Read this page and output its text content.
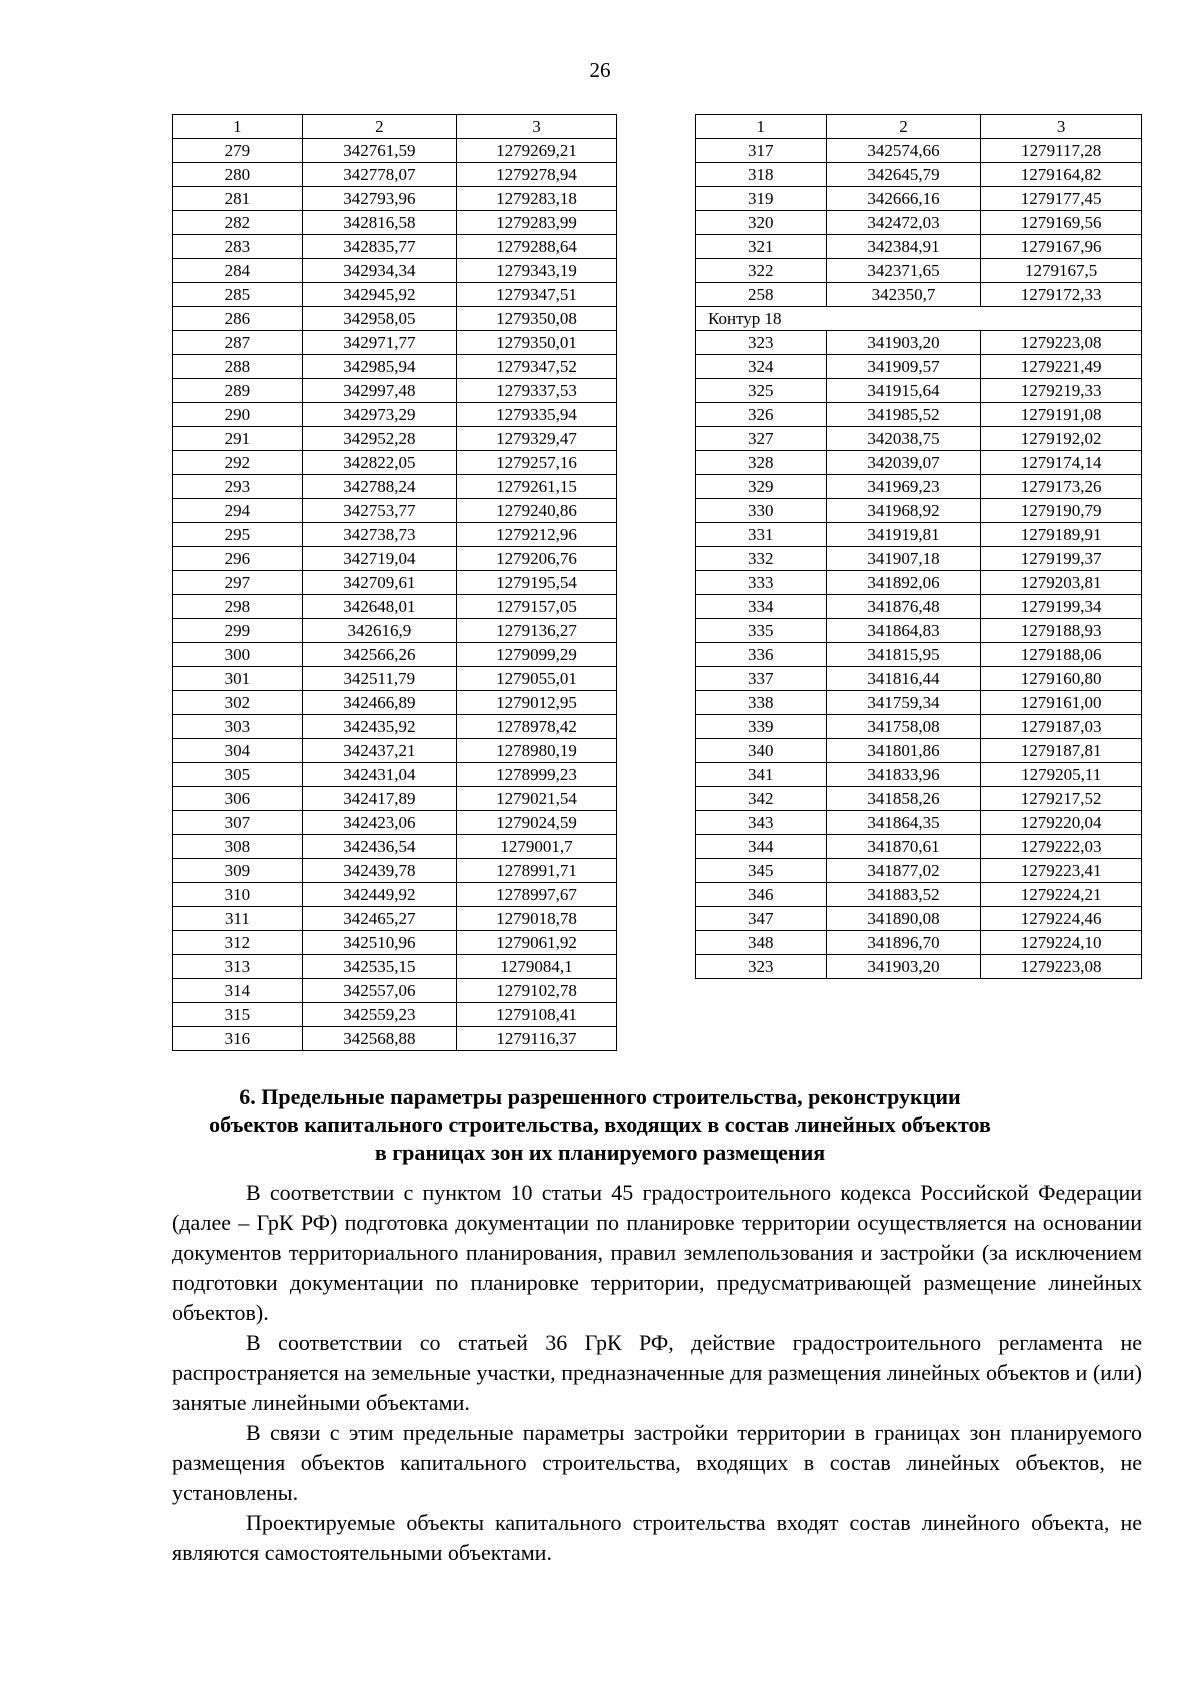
26
1	2	3
279	342761,59	1279269,21
280	342778,07	1279278,94
281	342793,96	1279283,18
282	342816,58	1279283,99
283	342835,77	1279288,64
284	342934,34	1279343,19
285	342945,92	1279347,51
286	342958,05	1279350,08
287	342971,77	1279350,01
288	342985,94	1279347,52
289	342997,48	1279337,53
290	342973,29	1279335,94
291	342952,28	1279329,47
292	342822,05	1279257,16
293	342788,24	1279261,15
294	342753,77	1279240,86
295	342738,73	1279212,96
296	342719,04	1279206,76
297	342709,61	1279195,54
298	342648,01	1279157,05
299	342616,9	1279136,27
300	342566,26	1279099,29
301	342511,79	1279055,01
302	342466,89	1279012,95
303	342435,92	1278978,42
304	342437,21	1278980,19
305	342431,04	1278999,23
306	342417,89	1279021,54
307	342423,06	1279024,59
308	342436,54	1279001,7
309	342439,78	1278991,71
310	342449,92	1278997,67
311	342465,27	1279018,78
312	342510,96	1279061,92
313	342535,15	1279084,1
314	342557,06	1279102,78
315	342559,23	1279108,41
316	342568,88	1279116,37
1	2	3
317	342574,66	1279117,28
318	342645,79	1279164,82
319	342666,16	1279177,45
320	342472,03	1279169,56
321	342384,91	1279167,96
322	342371,65	1279167,5
258	342350,7	1279172,33
Контур 18		
323	341903,20	1279223,08
324	341909,57	1279221,49
325	341915,64	1279219,33
326	341985,52	1279191,08
327	342038,75	1279192,02
328	342039,07	1279174,14
329	341969,23	1279173,26
330	341968,92	1279190,79
331	341919,81	1279189,91
332	341907,18	1279199,37
333	341892,06	1279203,81
334	341876,48	1279199,34
335	341864,83	1279188,93
336	341815,95	1279188,06
337	341816,44	1279160,80
338	341759,34	1279161,00
339	341758,08	1279187,03
340	341801,86	1279187,81
341	341833,96	1279205,11
342	341858,26	1279217,52
343	341864,35	1279220,04
344	341870,61	1279222,03
345	341877,02	1279223,41
346	341883,52	1279224,21
347	341890,08	1279224,46
348	341896,70	1279224,10
323	341903,20	1279223,08
6. Предельные параметры разрешенного строительства, реконструкции
объектов капитального строительства, входящих в состав линейных объектов
в границах зон их планируемого размещения

В соответствии с пунктом 10 статьи 45 градостроительного кодекса Российской Федерации (далее – ГрК РФ) подготовка документации по планировке территории осуществляется на основании документов территориального планирования, правил землепользования и застройки (за исключением подготовки документации по планировке территории, предусматривающей размещение линейных объектов).

В соответствии со статьей 36 ГрК РФ, действие градостроительного регламента не распространяется на земельные участки, предназначенные для размещения линейных объектов и (или) занятые линейными объектами.

В связи с этим предельные параметры застройки территории в границах зон планируемого размещения объектов капитального строительства, входящих в состав линейных объектов, не установлены.

Проектируемые объекты капитального строительства входят состав линейного объекта, не являются самостоятельными объектами.
